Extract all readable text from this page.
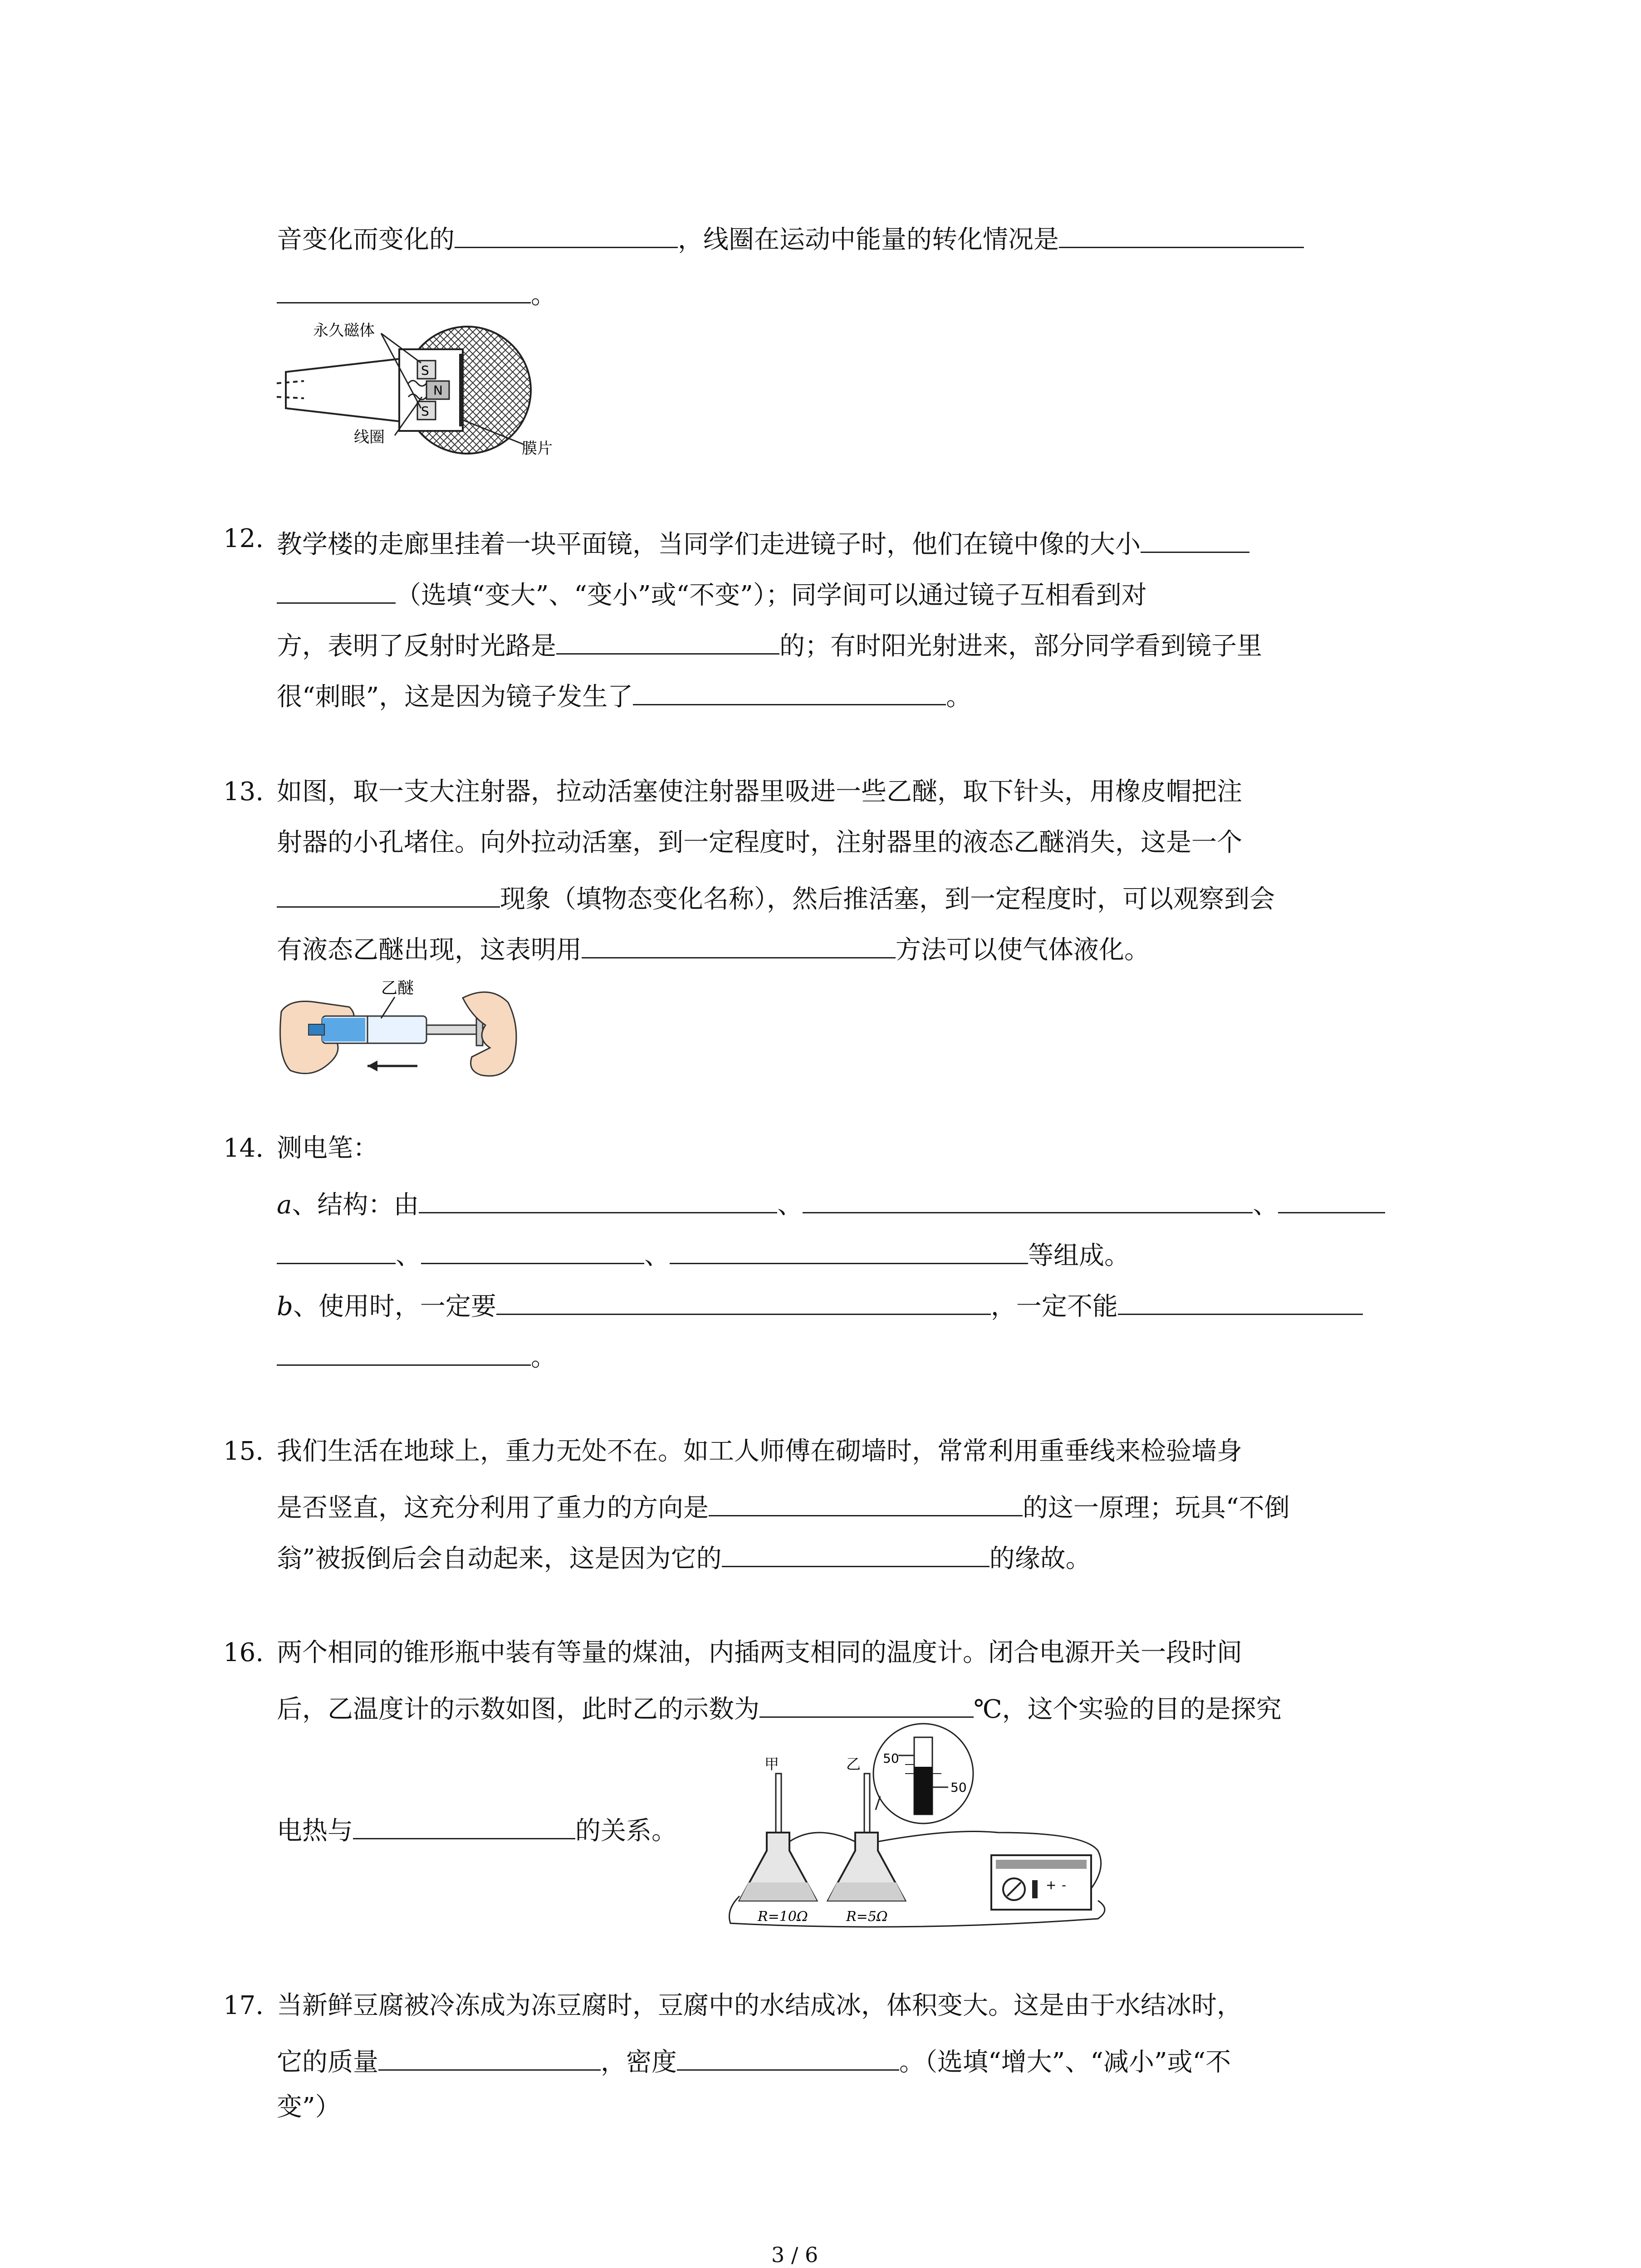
音变化而变化的	，线圈在运动中能量的转化情况是
。
S
N
S
永久磁体
线圈
膜片
12. 教学楼的走廊里挂着一块平面镜，当同学们走进镜子时，他们在镜中像的大小
（选填“变大”、“变小”或“不变”）；同学间可以通过镜子互相看到对
方，表明了反射时光路是	的；有时阳光射进来，部分同学看到镜子里
很“刺眼”，这是因为镜子发生了	。
13. 如图，取一支大注射器，拉动活塞使注射器里吸进一些乙醚，取下针头，用橡皮帽把注
射器的小孔堵住。向外拉动活塞，到一定程度时，注射器里的液态乙醚消失，这是一个
现象（填物态变化名称），然后推活塞，到一定程度时，可以观察到会
有液态乙醚出现，这表明用	方法可以使气体液化。
乙醚
14. 测电笔：
a、结构：由	、	、
、	、	等组成。
b、使用时，一定要	，一定不能
。
15. 我们生活在地球上，重力无处不在。如工人师傅在砌墙时，常常利用重垂线来检验墙身
是否竖直，这充分利用了重力的方向是	的这一原理；玩具“不倒
翁”被扳倒后会自动起来，这是因为它的	的缘故。
16. 两个相同的锥形瓶中装有等量的煤油，内插两支相同的温度计。闭合电源开关一段时间
后，乙温度计的示数如图，此时乙的示数为	℃，这个实验的目的是探究
电热与	的关系。
50
50
甲
R=10Ω
乙
R=5Ω
+ -
17. 当新鲜豆腐被冷冻成为冻豆腐时，豆腐中的水结成冰，体积变大。这是由于水结冰时，
它的质量	，密度	。（选填“增大”、“减小”或“不
变”）
3 / 6
